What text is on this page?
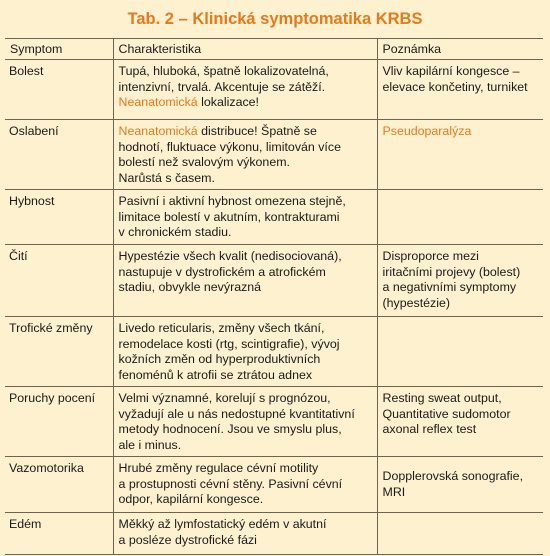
Tab. 2 – Klinická symptomatika KRBS
Symptom	Charakteristika	Poznámka
Bolest	Tupá, hluboká, špatně lokalizovatelná,
intenzivní, trvalá. Akcentuje se zátěží.
Neanatomická lokalizace!	Vliv kapilární kongesce –
elevace končetiny, turniket

Oslabení	Neanatomická distribuce! Špatně se
hodnotí, fluktuace výkonu, limitován více
bolestí než svalovým výkonem.
Narůstá s časem.	Pseudoparalýza

Hybnost	Pasivní i aktivní hybnost omezena stejně,
limitace bolestí v akutním, kontrakturami
v chronickém stadiu.	

Čití	Hypestézie všech kvalit (nedisociovaná),
nastupuje v dystrofickém a atrofickém
stadiu, obvykle nevýrazná	Disproporce mezi
iritačními projevy (bolest)
a negativními symptomy
(hypestézie)

Trofické změny	Livedo reticularis, změny všech tkání,
remodelace kosti (rtg, scintigrafie), vývoj
kožních změn od hyperproduktivních
fenoménů k atrofii se ztrátou adnex	

Poruchy pocení	Velmi významné, korelují s prognózou,
vyžadují ale u nás nedostupné kvantitativní
metody hodnocení. Jsou ve smyslu plus,
ale i minus.	Resting sweat output,
Quantitative sudomotor
axonal reflex test

Vazomotorika	Hrubé změny regulace cévní motility
a prostupnosti cévní stěny. Pasivní cévní
odpor, kapilární kongesce.	Dopplerovská sonografie,
MRI

Edém	Měkký až lymfostatický edém v akutní
a posléze dystrofické fázi	
